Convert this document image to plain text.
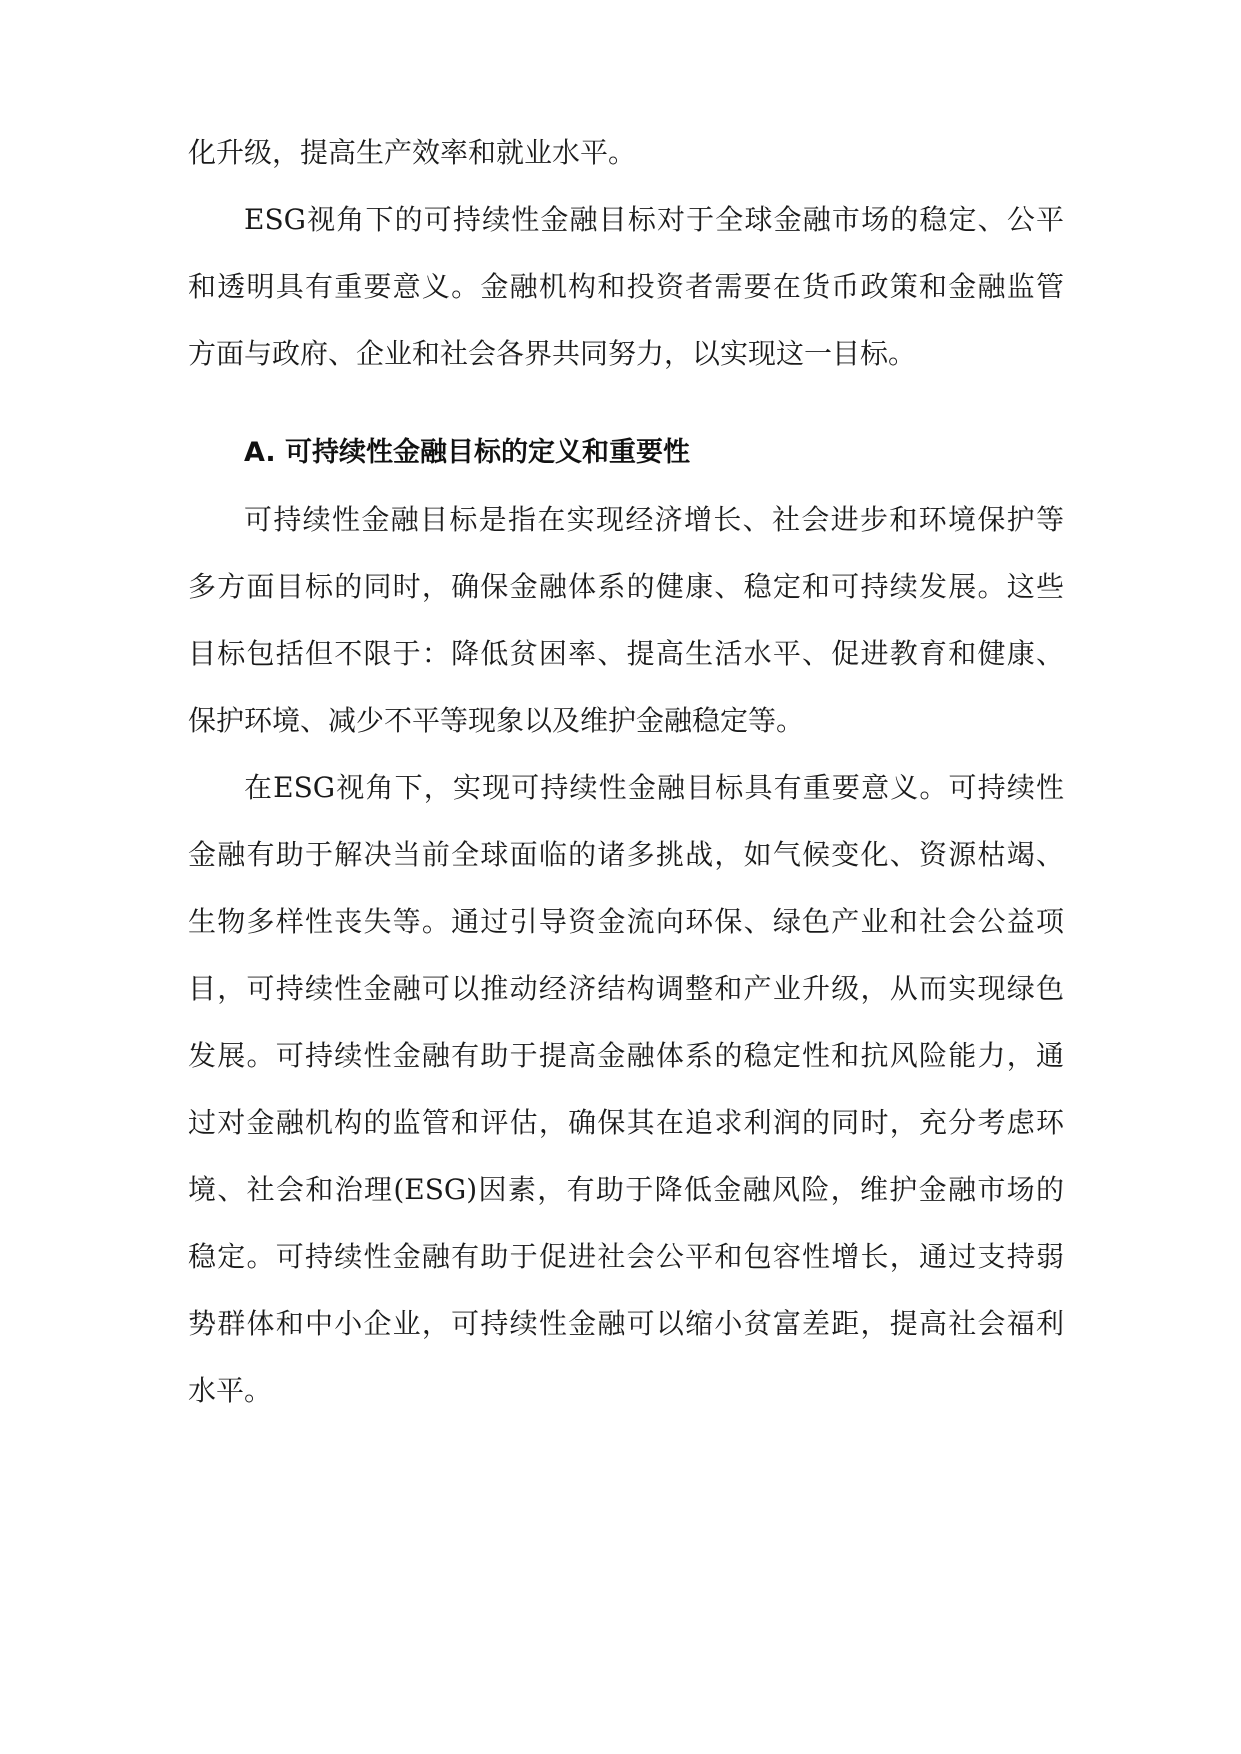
化升级，提高生产效率和就业水平。
ESG视角下的可持续性金融目标对于全球金融市场的稳定、公平
和透明具有重要意义。金融机构和投资者需要在货币政策和金融监管
方面与政府、企业和社会各界共同努力，以实现这一目标。
A. 可持续性金融目标的定义和重要性
可持续性金融目标是指在实现经济增长、社会进步和环境保护等
多方面目标的同时，确保金融体系的健康、稳定和可持续发展。这些
目标包括但不限于：降低贫困率、提高生活水平、促进教育和健康、
保护环境、减少不平等现象以及维护金融稳定等。
在ESG视角下，实现可持续性金融目标具有重要意义。可持续性
金融有助于解决当前全球面临的诸多挑战，如气候变化、资源枯竭、
生物多样性丧失等。通过引导资金流向环保、绿色产业和社会公益项
目，可持续性金融可以推动经济结构调整和产业升级，从而实现绿色
发展。可持续性金融有助于提高金融体系的稳定性和抗风险能力，通
过对金融机构的监管和评估，确保其在追求利润的同时，充分考虑环
境、社会和治理(ESG)因素，有助于降低金融风险，维护金融市场的
稳定。可持续性金融有助于促进社会公平和包容性增长，通过支持弱
势群体和中小企业，可持续性金融可以缩小贫富差距，提高社会福利
水平。
